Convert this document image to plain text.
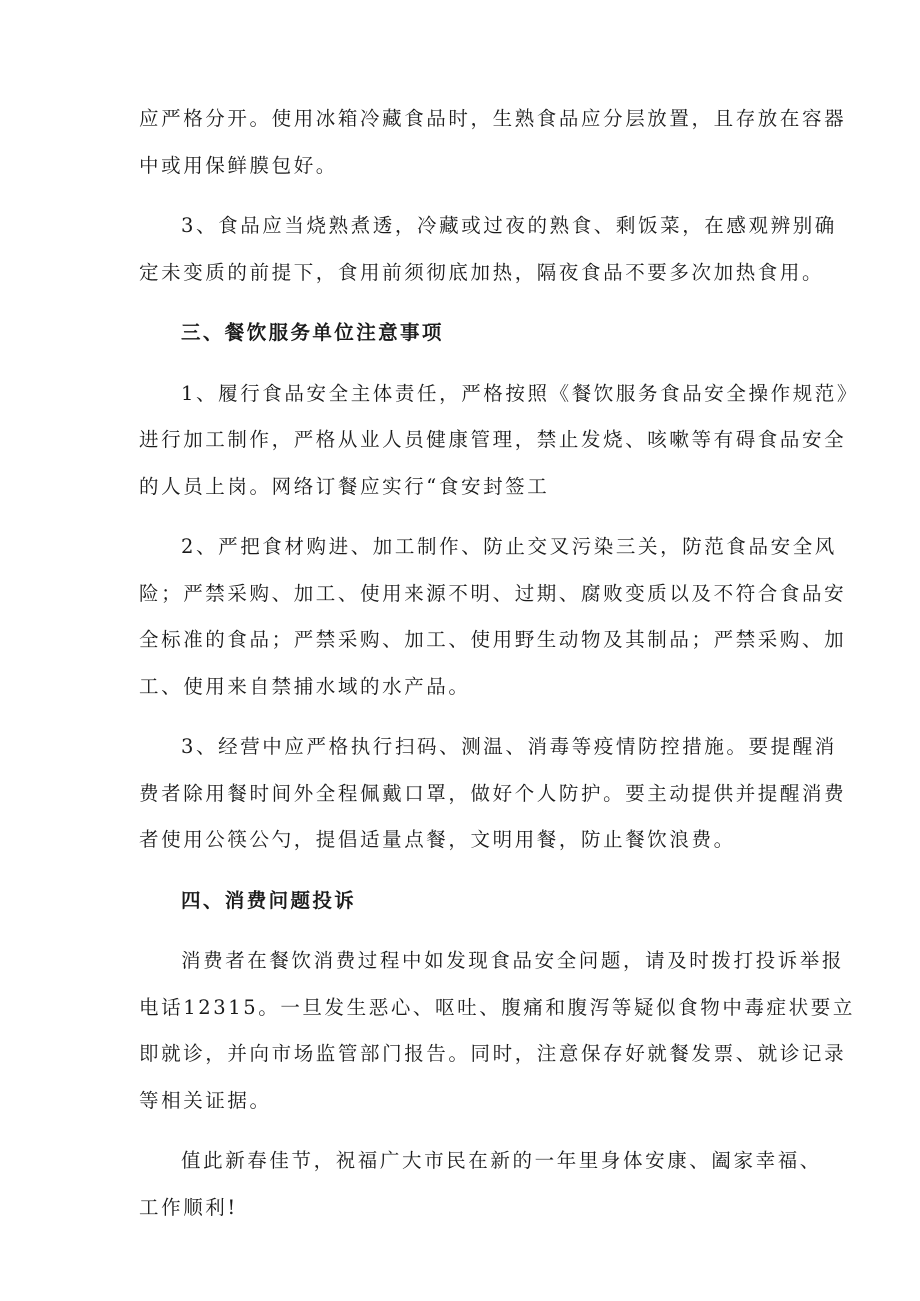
应严格分开。使用冰箱冷藏食品时，生熟食品应分层放置，且存放在容器
中或用保鲜膜包好。

3、食品应当烧熟煮透，冷藏或过夜的熟食、剩饭菜，在感观辨别确
定未变质的前提下，食用前须彻底加热，隔夜食品不要多次加热食用。

三、餐饮服务单位注意事项

1、履行食品安全主体责任，严格按照《餐饮服务食品安全操作规范》
进行加工制作，严格从业人员健康管理，禁止发烧、咳嗽等有碍食品安全
的人员上岗。网络订餐应实行“食安封签工

2、严把食材购进、加工制作、防止交叉污染三关，防范食品安全风
险；严禁采购、加工、使用来源不明、过期、腐败变质以及不符合食品安
全标准的食品；严禁采购、加工、使用野生动物及其制品；严禁采购、加
工、使用来自禁捕水域的水产品。

3、经营中应严格执行扫码、测温、消毒等疫情防控措施。要提醒消
费者除用餐时间外全程佩戴口罩，做好个人防护。要主动提供并提醒消费
者使用公筷公勺，提倡适量点餐，文明用餐，防止餐饮浪费。

四、消费问题投诉

消费者在餐饮消费过程中如发现食品安全问题，请及时拨打投诉举报
电话12315。一旦发生恶心、呕吐、腹痛和腹泻等疑似食物中毒症状要立
即就诊，并向市场监管部门报告。同时，注意保存好就餐发票、就诊记录
等相关证据。

值此新春佳节，祝福广大市民在新的一年里身体安康、阖家幸福、
工作顺利!
